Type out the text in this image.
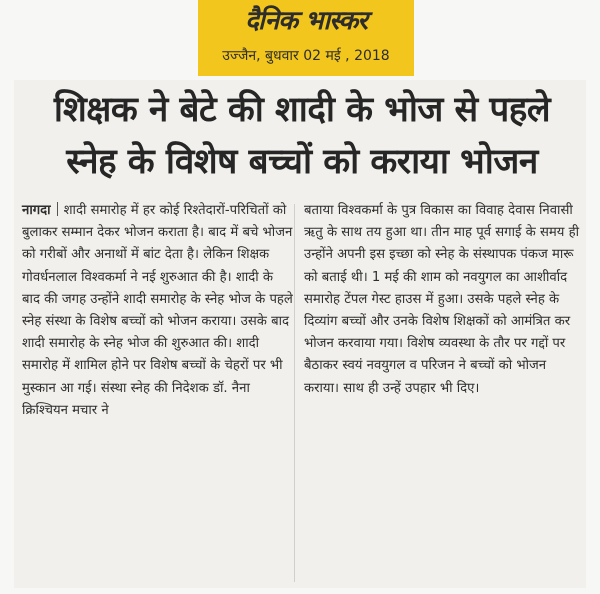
दैनिक भास्कर
उज्जैन, बुधवार 02 मई , 2018
शिक्षक ने बेटे की शादी के भोज से पहले
स्नेह के विशेष बच्चों को कराया भोजन

नागदा शादी समारोह में हर कोई रिश्तेदारों-परिचितों को बुलाकर सम्मान देकर भोजन कराता है। बाद में बचे भोजन को गरीबों और अनाथों में बांट देता है। लेकिन शिक्षक गोवर्धनलाल विश्वकर्मा ने नई शुरुआत की है। शादी के बाद की जगह उन्होंने शादी समारोह के स्नेह भोज के पहले स्नेह संस्था के विशेष बच्चों को भोजन कराया। उसके बाद शादी समारोह के स्नेह भोज की शुरुआत की। शादी समारोह में शामिल होने पर विशेष बच्चों के चेहरों पर भी मुस्कान आ गई। संस्था स्नेह की निदेशक डॉ. नैना क्रिश्चियन मचार ने

बताया विश्वकर्मा के पुत्र विकास का विवाह देवास निवासी ऋतु के साथ तय हुआ था। तीन माह पूर्व सगाई के समय ही उन्होंने अपनी इस इच्छा को स्नेह के संस्थापक पंकज मारू को बताई थी। 1 मई की शाम को नवयुगल का आशीर्वाद समारोह टेंपल गेस्ट हाउस में हुआ। उसके पहले स्नेह के दिव्यांग बच्चों और उनके विशेष शिक्षकों को आमंत्रित कर भोजन करवाया गया। विशेष व्यवस्था के तौर पर गद्दों पर बैठाकर स्वयं नवयुगल व परिजन ने बच्चों को भोजन कराया। साथ ही उन्हें उपहार भी दिए।
